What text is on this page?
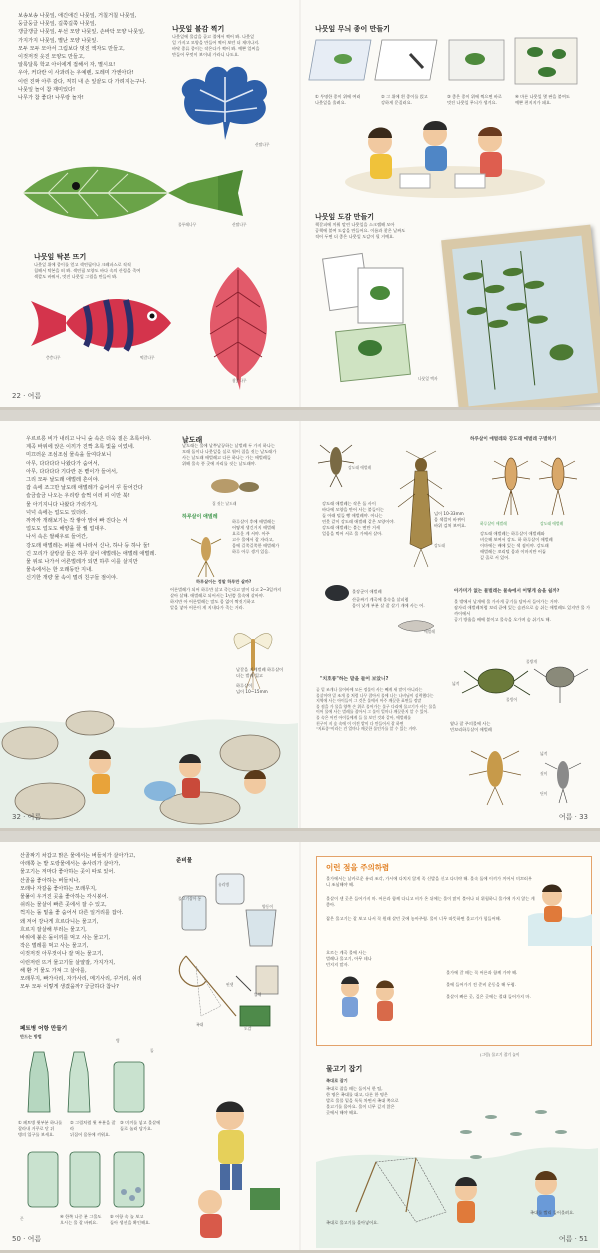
보송보송 나뭇잎, 애긴애긴 나뭇잎, 거칠거칠 나뭇잎,
둥글둥글 나뭇잎, 길쭉길쭉 나뭇잎,
갱글갱글 나뭇잎, 두선 모양 나뭇잎, 손바닥 모양 나뭇잎,
가지가지 나뭇잎, 별난 모양 나뭇잎.
모두 모두 모아서 그림보다 멋진 액자도 만들고,
이것저것 옷진 모양도 만들고,
알록달록 학교 아이에게 접해서 자, 멸시요!
우아, 커다란 이 사과리는 우예렌, 도레미 가엔아다!
이런 진짜 아루 같다, 직히 내 손 잎끝도 다 가려지는구나.
나뭇잎 놀이 참 재미있다!
나무가 참 좋다! 나무랑 놀자!
나뭇잎 불감 찍기
나뭇잎에 물감을 골고 접에서 찍어 봐. 나뭇잎
일 가지고 모양을 만들어 찍어 보던 더 재미나지.
바닥 종류 종이는 작은다가 찍어 봐. 예쁜 얼씨을
만들어 무엇이 보이네 가라니 나도요.
산딸나무
물푸레나무	산딸나무
나뭇잎 탁본 뜨기
나뭇잎 위에 종이를 얻고 색연필이나 크레파스로 직직
칠해서 탁본을 떠 봐. 색연필 모양도 바다 속의 산림을 죽여
색깔도 바꿔서, 멋진 나뭇잎 그림을 만들어 봐.
층층나무	떡갈나무
참꽃나무
22 · 여름
나뭇잎 무늬 종이 만들기
① 투명한 종이 위에 여러
나뭇잎을 올려요.
② 그 위에 흰 종이를 얹고
강하게 문질러요.
③ 좋은 종이 위에 찍으면 바로
멋진 나뭇잎 무늬가 생겨요.
④ 마른 나뭇잎 몇 판을 붙여도
예쁜 편지지가 돼요.
나뭇잎 도감 만들기
책갈피에 끼워 말린 나뭇잎을 스크랩해 모아
공책에 붙여 도감을 만들어요. 이름과 찾은 날짜도
적어 두면 더 좋은 나뭇잎 도감이 될 거예요.
나뭇잎 액자
우르르릉 비가 내리고 나니 숲 속은 더욱 짙은 초록이야.
계곡 바위에 앉은 이끼가 진짝 초록 빛을 이었네.
미끄러운 조심조심 물속을 들여다보니
아무, 다다다다 나왔다가 숨어서,
아무, 다다다다 기다란 돈 뻗이가 들어서,
그리 모두 날도래 애벌레 흔이야.
잡 속에 조그만 날도래 애벌레가 숨어서 꾸 들어간다
슬금슬금 나오는 우리랑 슬쩍 이러 피 이만 북!
물 아기지니다 나왔다 가리가지,
넉넉 속에는 얼도도 있더라.
까까까 개래보기는 작 쌓아 맘어 빠 진다는 서
얼도도 얼도도 해양을 꿀 꿜 얼대우.
나서 속은 쌀쌔우로 들어간,
강도래 애벌레는 퍼블 해 나라서 신나, 하나 등 하나 둘!
긴 꼬리가 살랑살 들은 하루 살이 애벌레는 애벌레 애벌레.
물 위로 나가서 어른벌레가 되면 하루 이를 살지만
물속에서는 한 오래동안 지내.
신기한 개량 물 속이 멀리 친구들 점이야.
날도래
날도래는 물에 날쭈날꿍하는 날벌레 두 가지 하나는
모래 돌이나 나뭇잎을 실로 엮어 집을 짓는 날도래가
사는 날도래 애벌레고 다른 하나는 가는 애벌레들
위해 물속 풍 곳에 자리를 짓는 날도래야.
집 짓는 날도래
하루살이 애벌레
하루살이 후에 애벌레는
어떻게 생긴거지 애벌레
요로운 게 서야. 아주
고수 물에서 잘 자라고,
몸에 길쭉길쭉한 애벌레가
하루 아루 생겨 있음.
하루살이는 정말 하루만 살까?
어른벌레가 되어 하루만 살고 죽는다고 많이 다고 2~3일까지
살아 살해. 애벌레로 되어서는 1년쯤 물속에 살아야.
하지만 아 어른벌레는 맘도 몸 없이 짝짓기하고
알을 낳아 어른이 게 지내다가 죽는 거라.
날갈을 지게벌레 하루살이
더는 벌레 입고
하루살이
넘이 10~15mm
32 · 여름
강도래 애벌레
강도래 애벌레는 작은 돌 사이
바다에 모양을 만어 사는 붙들이는
돌 아래 털들 빵 애벌레야. 아나는
연못 같이 강도래 애벌레 같은 모양이야.
강도래 애벌레는 붙는 면만 거세
얼음을 먹어 서로 물 가에서 살아.
강도래
넘이 10-33mm
몸 색깔이 바뀌어
바위 검처 보여요.
하루살이 애벌레와 강도래 애벌레 구별하기
하루살이 애벌레	강도래 애벌레
강도래 애벌레는 하루살이 애벌레와
비슷해 보여서 강도. 하 하루살이 애벌레
이마에는 배에 있는 색 점이야. 강도래
애벌레는 꼬리털 몸과 이마지만 어둡
깊 줄로 서 있어.
물장군이 애벌레
산골짜기 계곡에 물속을 살피렴
몸이 낮게 부분 살 잘 살기 개에 사는 어.
애벌레
아가미가 없는 물벌레는 물속에서 어떻게 숨을 쉴까?
물 밖에서 날개에 물 가사게 공기를 담아서 들어가는 거야.
잠자리 애벌레처럼 꼬리 끝에 있는 숨관으로 숨 쉬는 애벌레도 있지만 물 가까이에서
공기 방울을 배에 붙이고 물속을 오가며 숨 쉬기도 해.
물방개
넓적
물빙어
"치호롱"하는 말을 들어 보았니?
골 밑 조개나 물어바에 모든 정물이 사는 빼게 새 말이 아니라는
물살이야 밑 조개 물 처럼 나무 잡아서 물에 나는 나비님이 실력했다는
지역에 사는 아이들이 그 것은 물에서 아주 깨끗한 표면들 정말
물 점을 가 물을 양쪽 손 위로 물어가는 물구 다리에 물고기가 사는 물을
이어 물에 사는 벌레를 잡아서 그 물이 얼마나 깨끗한지 알 수 있어.
물 속은 어린 아이들에게 들 물 보인 것과 같아, 애벌레를
친구이 지 숲 속에 이 이전 밭이 다 만들어서 잘 하면
"지표종"이라는 건 얼마나 깨끗한 물인가를 알 수 있는 거야.
옆나 잘 주의물에 사는
민꼬리하루살이 애벌레
넓적
짓이
딘이
여름 · 33
산골짜기 차갑고 맑은 물에서는 버들치가 살아가고,
아래쪽 논 밭 도랑물에서는 송사리가 살아가,
물고기는 저마다 좋아하는 곳이 따로 있어.
산골을 좋아하는 버들치나,
모래나 자갈을 좋아하는 모래무지,
물풀이 우거진 곳을 좋아하는 각시붕어.
쉬리는 물살이 빠른 곳에서 잘 수 있고,
꺽지는 돌 밑을 좋 숨어서 다른 일거리를 잡아.
왜 저어 강나게 흐르다니는 물고기,
흐르지 잘살해 부러는 물고기,
바위에 붙은 돌이끼를 먹고 사는 물고기,
작은 벌레를 먹고 사는 물고기,
이것저것 아무것이나 잘 먹는 물고기,
이런저런 뜨거 물고기들 살얄잘, 가지가지,
해 환 거 물도 가져 그 살아를,
모래무지, 빠가사리, 자가사리, 메기사리, 꾸거리, 쉬리
모두 모두 이렇게 생겼을까? 궁금하다 참나?
준비물
물고기잡아 통
유리병
양동이
족대
뜰채
핀셋
도감
페트병 어항 만들기
만드는 방법
① 페트병 윗부분 하나를
잘라내 거꾸로 닫 뒤
병의 입구를 보세요.
② 그림처럼 윗 부분을 잘라
뒤집어 몸통에 끼워요.
③ 미끼를 넣고 물살에
돌로 눌러 담가요.
④ 한쪽 나중 분 그물도
오시는 물 잘 바꿔요.
⑤ 어항 속 놀 보고
돌아 생선을 확인해요.
병
끈
돌
50 · 여름
이런 점을 주의하렴
물가에서는 날카로운 유리 조각, 가시에 다치지 않게 꼭 신발을 신고 다녀야 해. 물속 돌에 이끼가 끼어서 미끄러우니 조심해야 해.
물살이 센 곳은 들어가지 마. 어른과 함께 다니고 비가 온 뒤에는 물이 많이 불어나 더 위험하니 물가에 가지 않는 게 좋아.
잡은 물고기는 잘 보고 나서 꼭 원래 살던 곳에 놓아주렴. 물이 너무 따뜻하면 물고기가 힘들어해.
흐르는 계곡 물에 사는
벌레나 물고기, 아무 데나
던지지 말자.
물가에 갈 때는 꼭 어른과 함께 가야 해.
물에 들어가기 전 준비 운동을 해 두렴.
물살이 빠른 곳, 깊은 곳에는 절대 들어가지 마.
(그림) 물고기 잡기 놀이
물고기 잡기
족대로 잡기
족대로 잡을 때는 둘이서 한 팀,
한 명은 족대를 대고, 다른 한 명은
발로 물풀 밑을 툭툭 차면서 족대 쪽으로
물고기를 몰아요. 물이 너무 깊지 않은
곳에서 해야 해요.
족대로 물고기를 몰아넣어요.
족대를 빨리 들어올려요.
여름 · 51
